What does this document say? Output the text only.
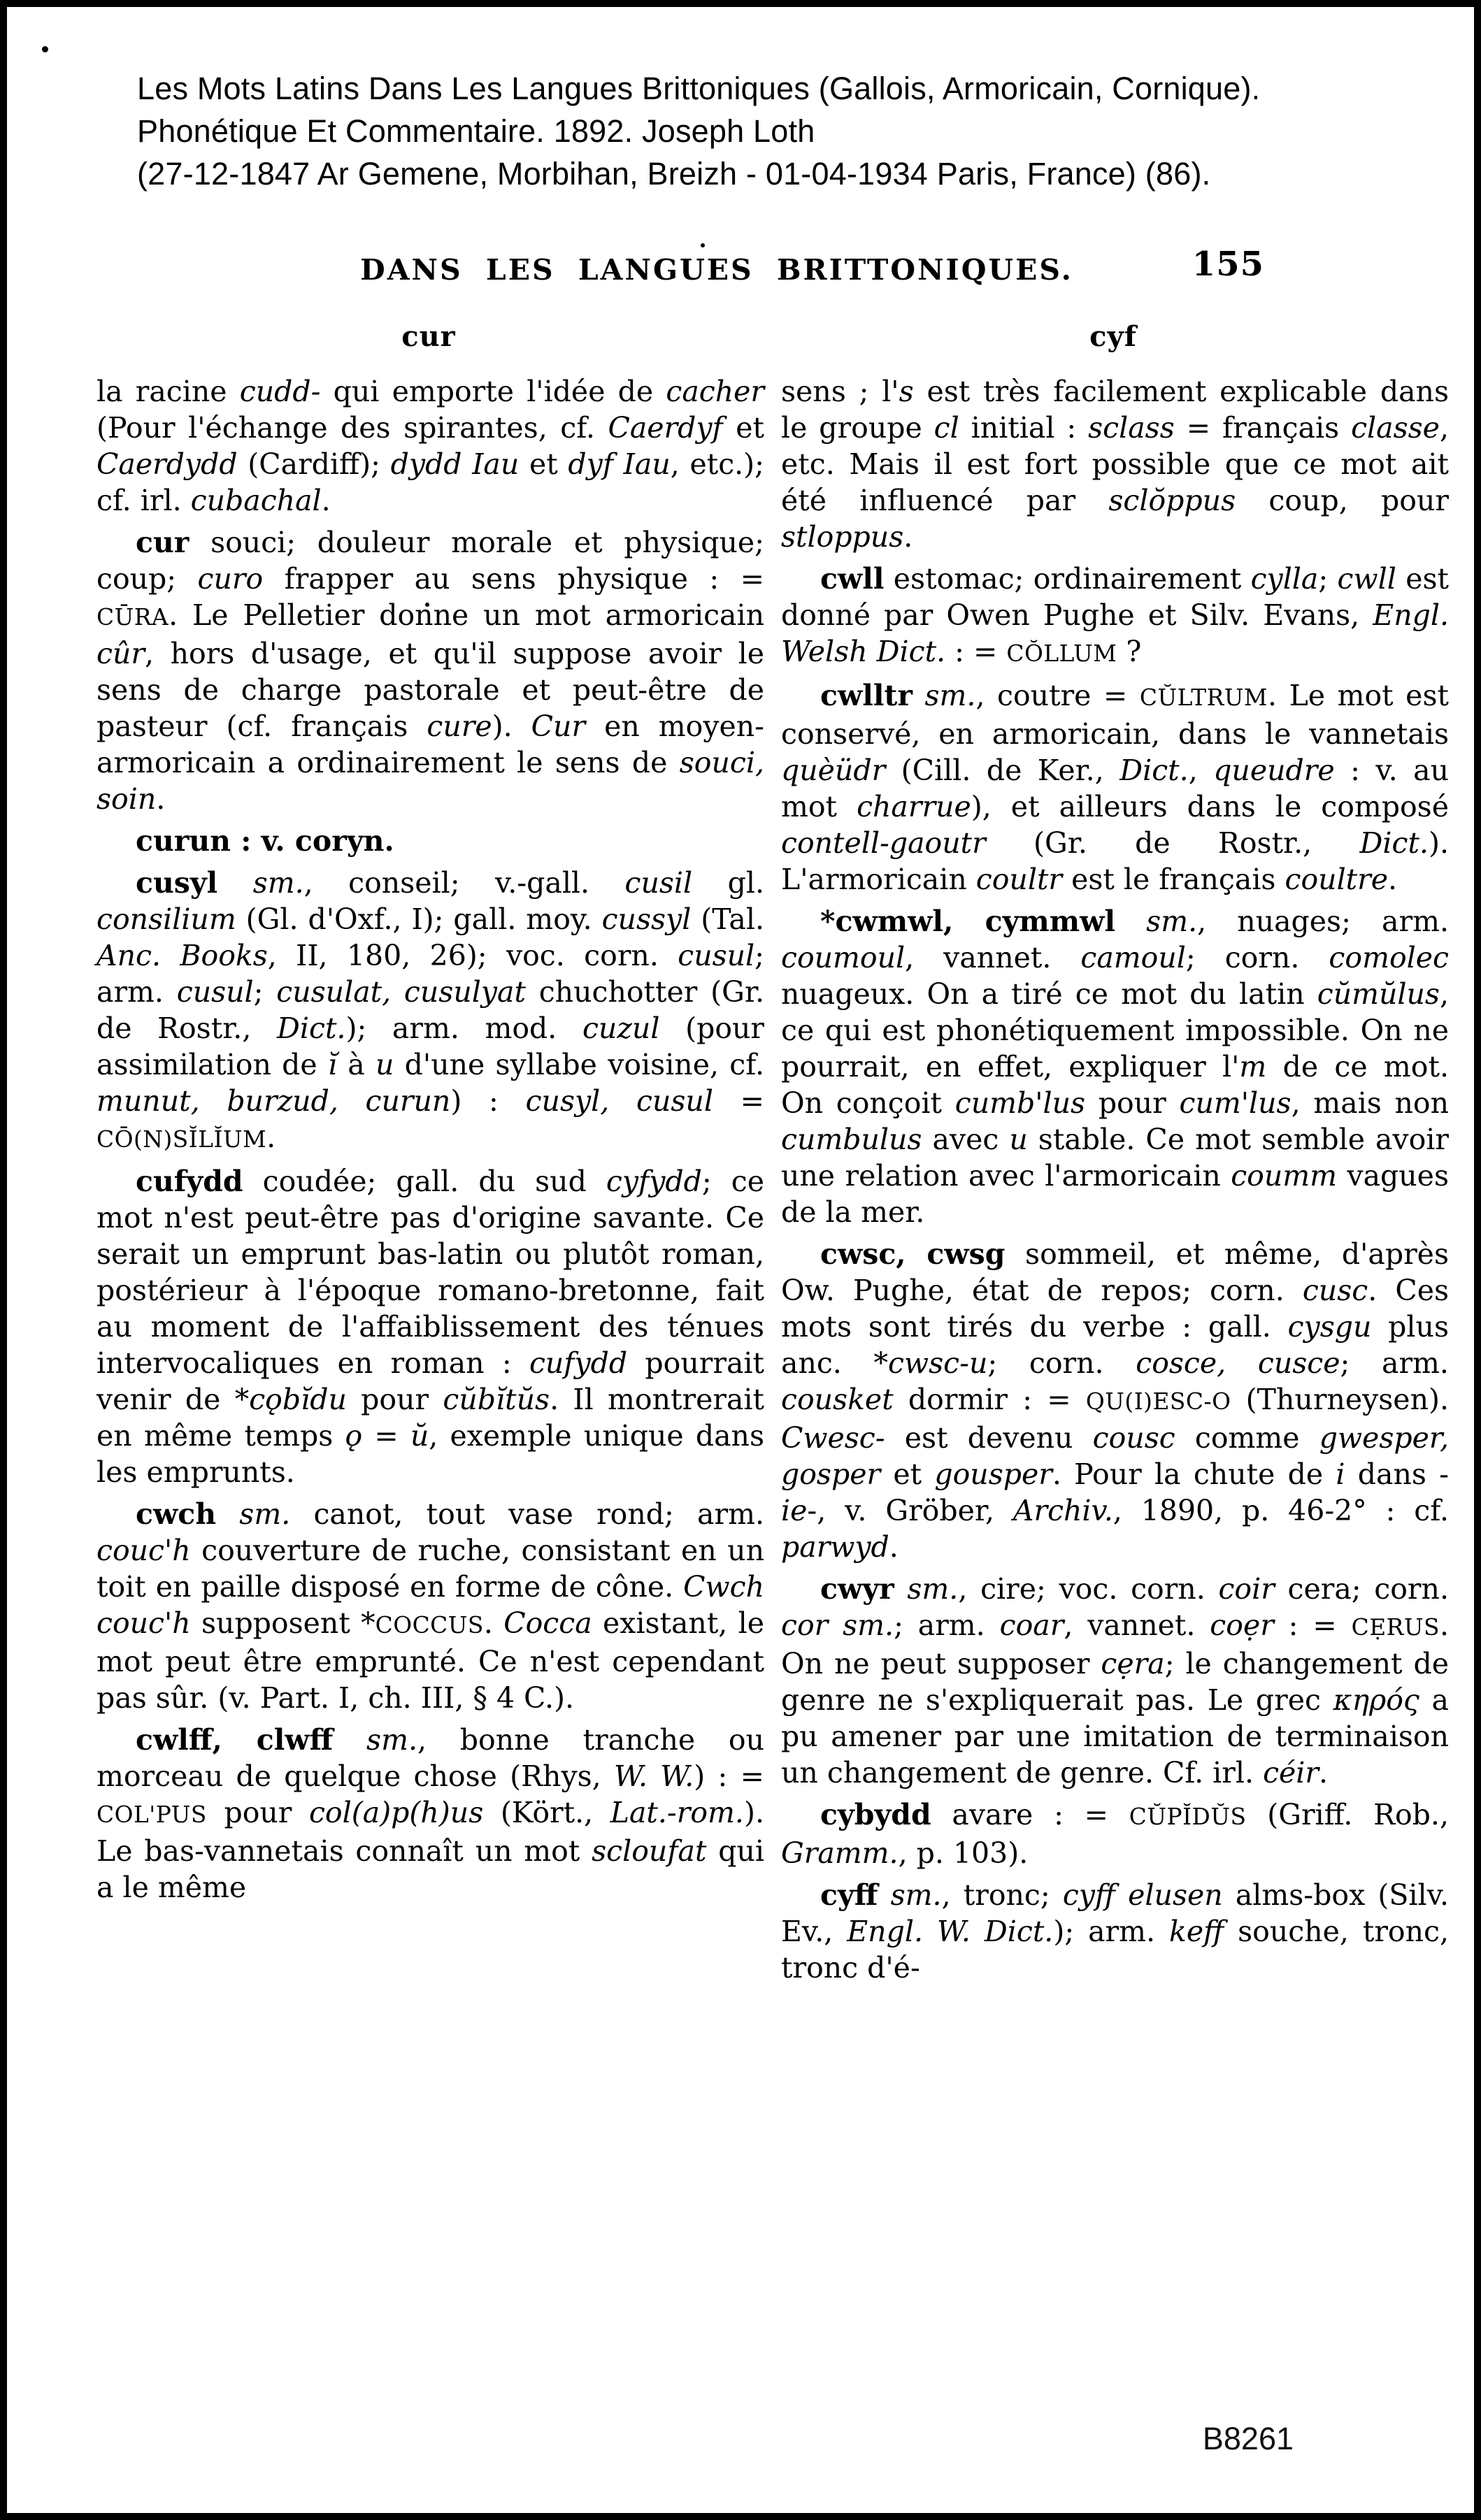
Les Mots Latins Dans Les Langues Brittoniques (Gallois, Armoricain, Cornique).
Phonétique Et Commentaire. 1892. Joseph Loth
(27-12-1847 Ar Gemene, Morbihan, Breizh - 01-04-1934 Paris, France) (86).
DANS LES LANGUES BRITTONIQUES.	155
cur	cyf

la racine cudd- qui emporte l'idée de cacher (Pour l'échange des spirantes, cf. Caerdyf et Caerdydd (Cardiff); dydd Iau et dyf Iau, etc.); cf. irl. cubachal.

cur souci; douleur morale et physique; coup; curo frapper au sens physique : = CŪRA. Le Pelletier donne un mot armoricain cûr, hors d'usage, et qu'il suppose avoir le sens de charge pastorale et peut-être de pasteur (cf. français cure). Cur en moyen-armoricain a ordinairement le sens de souci, soin.

curun : v. coryn.

cusyl sm., conseil; v.-gall. cusil gl. consilium (Gl. d'Oxf., I); gall. moy. cussyl (Tal. Anc. Books, II, 180, 26); voc. corn. cusul; arm. cusul; cusulat, cusulyat chuchotter (Gr. de Rostr., Dict.); arm. mod. cuzul (pour assimilation de ĭ à u d'une syllabe voisine, cf. munut, burzud, curun) : cusyl, cusul = CŌ(N)SĬLĬUM.

cufydd coudée; gall. du sud cyfydd; ce mot n'est peut-être pas d'origine savante. Ce serait un emprunt bas-latin ou plutôt roman, postérieur à l'époque romano-bretonne, fait au moment de l'affaiblissement des ténues intervocaliques en roman : cufydd pourrait venir de *cǫbĭdu pour cŭbĭtŭs. Il montrerait en même temps ǫ = ŭ, exemple unique dans les emprunts.

cwch sm. canot, tout vase rond; arm. couc'h couverture de ruche, consistant en un toit en paille disposé en forme de cône. Cwch couc'h supposent *COCCUS. Cocca existant, le mot peut être emprunté. Ce n'est cependant pas sûr. (v. Part. I, ch. III, § 4 C.).

cwlff, clwff sm., bonne tranche ou morceau de quelque chose (Rhys, W. W.) : = COL'PUS pour col(a)p(h)us (Kört., Lat.-rom.). Le bas-vannetais connaît un mot scloufat qui a le même

sens ; l's est très facilement explicable dans le groupe cl initial : sclass = français classe, etc. Mais il est fort possible que ce mot ait été influencé par sclŏppus coup, pour stloppus.

cwll estomac; ordinairement cylla; cwll est donné par Owen Pughe et Silv. Evans, Engl. Welsh Dict. : = CŎLLUM ?

cwlltr sm., coutre = CŬLTRUM. Le mot est conservé, en armoricain, dans le vannetais quèüdr (Cill. de Ker., Dict., queudre : v. au mot charrue), et ailleurs dans le composé contell-gaoutr (Gr. de Rostr., Dict.). L'armoricain coultr est le français coultre.

*cwmwl, cymmwl sm., nuages; arm. coumoul, vannet. camoul; corn. comolec nuageux. On a tiré ce mot du latin cŭmŭlus, ce qui est phonétiquement impossible. On ne pourrait, en effet, expliquer l'm de ce mot. On conçoit cumb'lus pour cum'lus, mais non cumbulus avec u stable. Ce mot semble avoir une relation avec l'armoricain coumm vagues de la mer.

cwsc, cwsg sommeil, et même, d'après Ow. Pughe, état de repos; corn. cusc. Ces mots sont tirés du verbe : gall. cysgu plus anc. *cwsc-u; corn. cosce, cusce; arm. cousket dormir : = QU(I)ESC-O (Thurneysen). Cwesc- est devenu cousc comme gwesper, gosper et gousper. Pour la chute de i dans -ie-, v. Gröber, Archiv., 1890, p. 46-2° : cf. parwyd.

cwyr sm., cire; voc. corn. coir cera; corn. cor sm.; arm. coar, vannet. coẹr : = CẸRUS. On ne peut supposer cẹra; le changement de genre ne s'expliquerait pas. Le grec κηρός a pu amener par une imitation de terminaison un changement de genre. Cf. irl. céir.

cybydd avare : = CŬPĬDŬS (Griff. Rob., Gramm., p. 103).

cyff sm., tronc; cyff elusen alms-box (Silv. Ev., Engl. W. Dict.); arm. keff souche, tronc, tronc d'é-

B8261
